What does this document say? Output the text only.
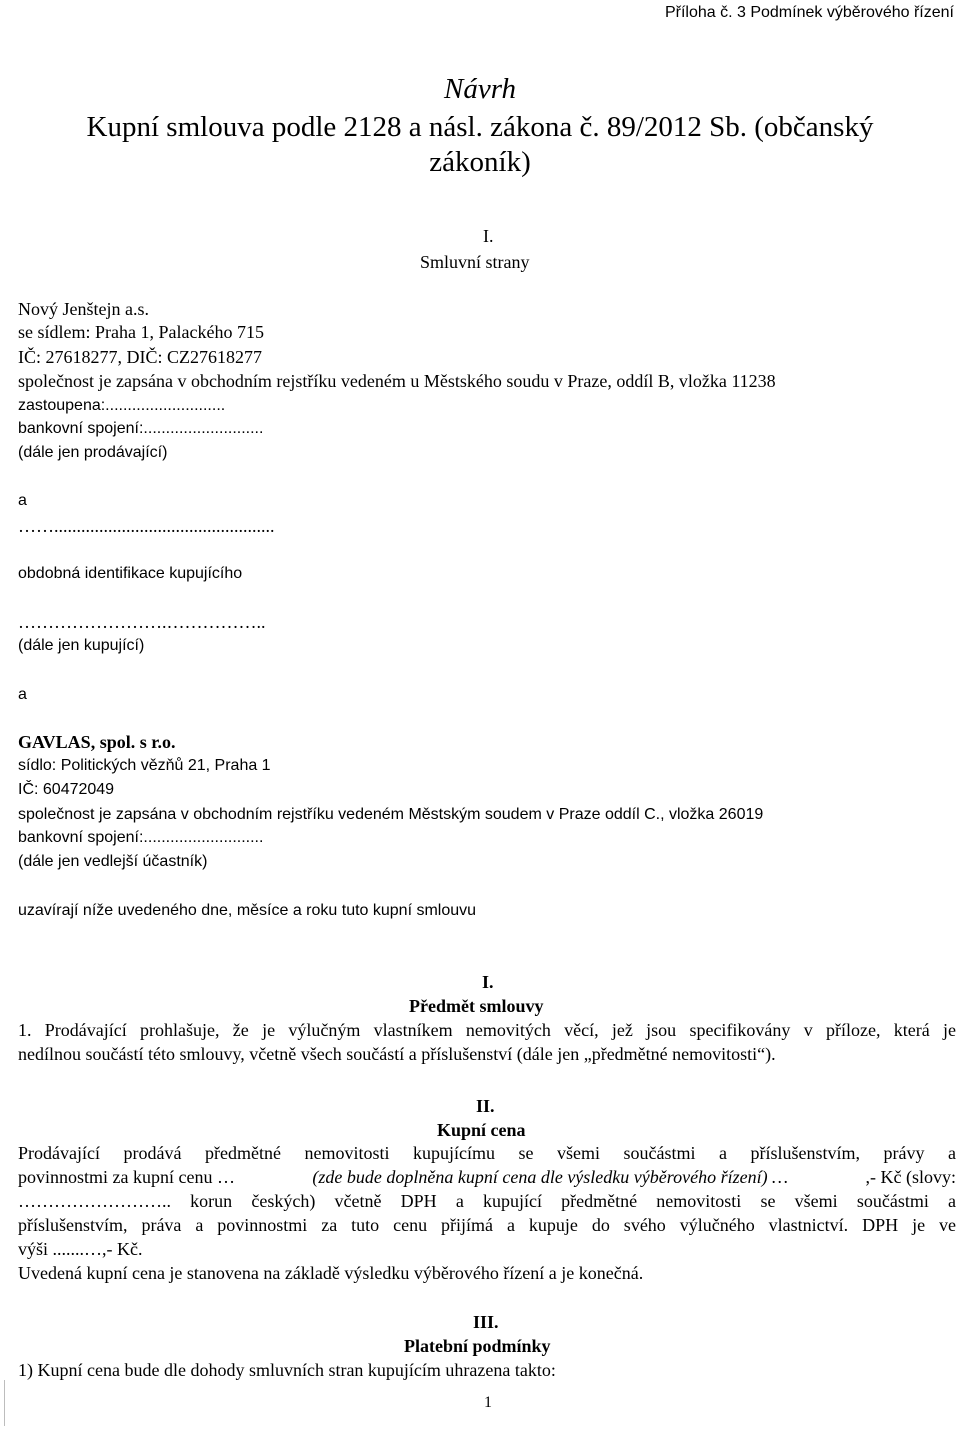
Příloha č. 3 Podmínek výběrového řízení
Návrh
Kupní smlouva podle 2128 a násl. zákona č. 89/2012 Sb. (občanský
zákoník)
I.
Smluvní strany
Nový Jenštejn a.s.
se sídlem: Praha 1, Palackého 715
IČ: 27618277, DIČ: CZ27618277
společnost je zapsána v obchodním rejstříku vedeném u Městského soudu v Praze, oddíl B, vložka 11238
zastoupena:...........................
bankovní spojení:...........................
(dále jen prodávající)
a
…….................................................
obdobná identifikace kupujícího
…………………….……………..
(dále jen kupující)
a
GAVLAS, spol. s r.o.
sídlo: Politických vězňů 21, Praha 1
IČ: 60472049
společnost je zapsána v obchodním rejstříku vedeném Městským soudem v Praze oddíl C., vložka 26019
bankovní spojení:...........................
(dále jen vedlejší účastník)
uzavírají níže uvedeného dne, měsíce a roku tuto kupní smlouvu
I.
Předmět smlouvy
1. Prodávající prohlašuje, že je výlučným vlastníkem nemovitých věcí, jež jsou specifikovány v příloze, která je
nedílnou součástí této smlouvy, včetně všech součástí a příslušenství (dále jen „předmětné nemovitosti“).
II.
Kupní cena
Prodávající prodává předmětné nemovitosti kupujícímu se všemi součástmi a příslušenstvím, právy a
povinnostmi za kupní cenu …	(zde bude doplněna kupní cena dle výsledku výběrového řízení) …	,- Kč (slovy:
…………………….. korun českých) včetně DPH a kupující předmětné nemovitosti se všemi součástmi a
příslušenstvím, práva a povinnostmi za tuto cenu přijímá a kupuje do svého výlučného vlastnictví. DPH je ve
výši .......…,- Kč.
Uvedená kupní cena je stanovena na základě výsledku výběrového řízení a je konečná.
III.
Platební podmínky
1) Kupní cena bude dle dohody smluvních stran kupujícím uhrazena takto:
1
